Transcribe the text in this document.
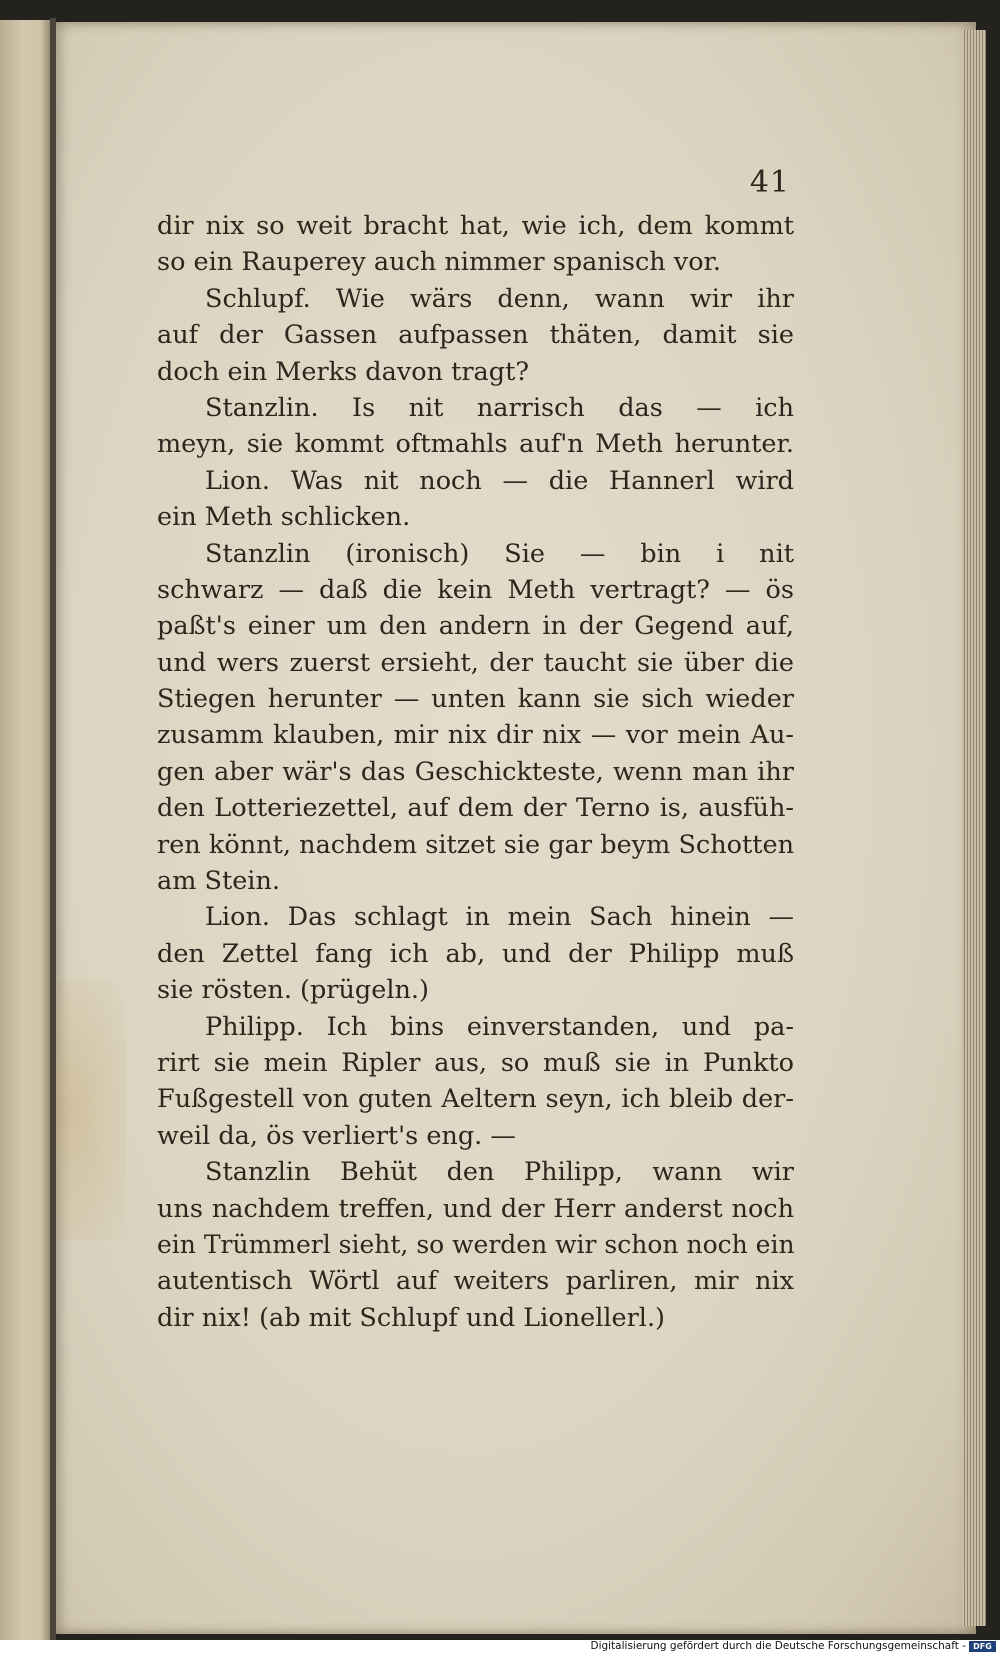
41
dir nix so weit bracht hat, wie ich, dem kommt
so ein Rauperey auch nimmer spanisch vor.
Schlupf. Wie wärs denn, wann wir ihr
auf der Gassen aufpassen thäten, damit sie
doch ein Merks davon tragt?
Stanzlin. Is nit narrisch das — ich
meyn, sie kommt oftmahls auf'n Meth herunter.
Lion. Was nit noch — die Hannerl wird
ein Meth schlicken.
Stanzlin (ironisch) Sie — bin i nit
schwarz — daß die kein Meth vertragt? — ös
paßt's einer um den andern in der Gegend auf,
und wers zuerst ersieht, der taucht sie über die
Stiegen herunter — unten kann sie sich wieder
zusamm klauben, mir nix dir nix — vor mein Au-
gen aber wär's das Geschickteste, wenn man ihr
den Lotteriezettel, auf dem der Terno is, ausfüh-
ren könnt, nachdem sitzet sie gar beym Schotten
am Stein.
Lion. Das schlagt in mein Sach hinein —
den Zettel fang ich ab, und der Philipp muß
sie rösten. (prügeln.)
Philipp. Ich bins einverstanden, und pa-
rirt sie mein Ripler aus, so muß sie in Punkto
Fußgestell von guten Aeltern seyn, ich bleib der-
weil da, ös verliert's eng. —
Stanzlin Behüt den Philipp, wann wir
uns nachdem treffen, und der Herr anderst noch
ein Trümmerl sieht, so werden wir schon noch ein
autentisch Wörtl auf weiters parliren, mir nix
dir nix! (ab mit Schlupf und Lionellerl.)
Digitalisierung gefördert durch die Deutsche Forschungsgemeinschaft - DFG
